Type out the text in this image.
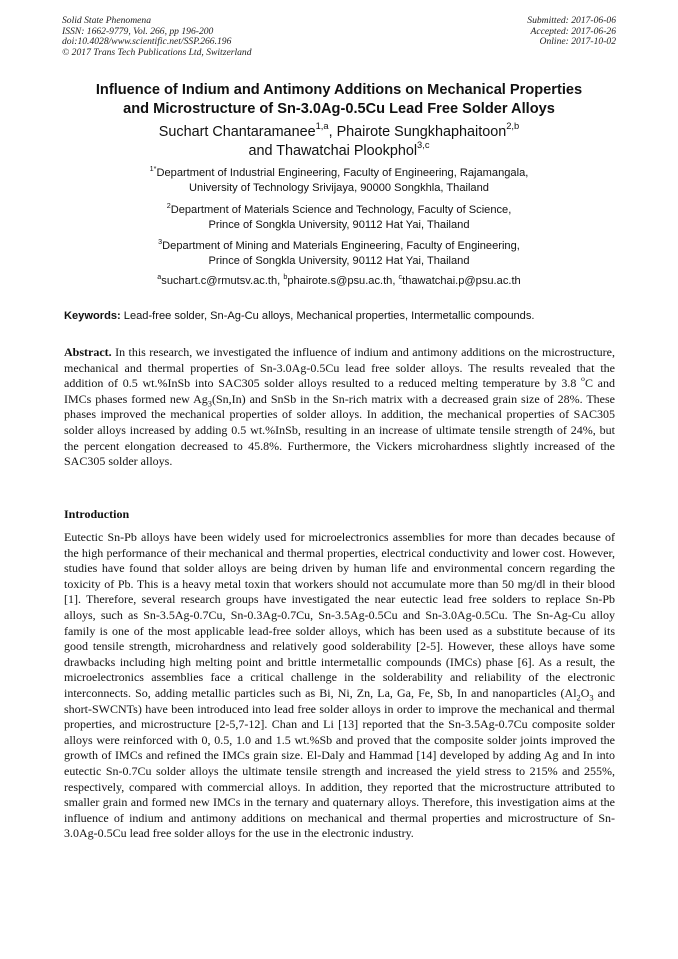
Solid State Phenomena
ISSN: 1662-9779, Vol. 266, pp 196-200
doi:10.4028/www.scientific.net/SSP.266.196
© 2017 Trans Tech Publications Ltd, Switzerland
Submitted: 2017-06-06
Accepted: 2017-06-26
Online: 2017-10-02
Influence of Indium and Antimony Additions on Mechanical Properties
and Microstructure of Sn-3.0Ag-0.5Cu Lead Free Solder Alloys
Suchart Chantaramanee$^{1,a}$, Phairote Sungkhaphaitoon$^{2,b}$
and Thawatchai Plookphol$^{3,c}$
$^{1*}$Department of Industrial Engineering, Faculty of Engineering, Rajamangala,
University of Technology Srivijaya, 90000 Songkhla, Thailand
$^2$Department of Materials Science and Technology, Faculty of Science,
Prince of Songkla University, 90112 Hat Yai, Thailand
$^3$Department of Mining and Materials Engineering, Faculty of Engineering,
Prince of Songkla University, 90112 Hat Yai, Thailand
$^a$suchart.c@rmutsv.ac.th, $^b$phairote.s@psu.ac.th, $^c$thawatchai.p@psu.ac.th
Keywords: Lead-free solder, Sn-Ag-Cu alloys, Mechanical properties, Intermetallic compounds.
Abstract. In this research, we investigated the influence of indium and antimony additions on the microstructure, mechanical and thermal properties of Sn-3.0Ag-0.5Cu lead free solder alloys. The results revealed that the addition of 0.5 wt.%InSb into SAC305 solder alloys resulted to a reduced melting temperature by 3.8 $^o$C and IMCs phases formed new $Ag_3(Sn,In)$ and SnSb in the Sn-rich matrix with a decreased grain size of 28%. These phases improved the mechanical properties of solder alloys. In addition, the mechanical properties of SAC305 solder alloys increased by adding 0.5 wt.%InSb, resulting in an increase of ultimate tensile strength of 24%, but the percent elongation decreased to 45.8%. Furthermore, the Vickers microhardness slightly increased of the SAC305 solder alloys.
Introduction

Eutectic Sn-Pb alloys have been widely used for microelectronics assemblies for more than decades because of the high performance of their mechanical and thermal properties, electrical conductivity and lower cost. However, studies have found that solder alloys are being driven by human life and environmental concern regarding the toxicity of Pb. This is a heavy metal toxin that workers should not accumulate more than 50 mg/dl in their blood [1]. Therefore, several research groups have investigated the near eutectic lead free solders to replace Sn-Pb alloys, such as Sn-3.5Ag-0.7Cu, Sn-0.3Ag-0.7Cu, Sn-3.5Ag-0.5Cu and Sn-3.0Ag-0.5Cu. The Sn-Ag-Cu alloy family is one of the most applicable lead-free solder alloys, which has been used as a substitute because of its good tensile strength, microhardness and relatively good solderability [2-5]. However, these alloys have some drawbacks including high melting point and brittle intermetallic compounds (IMCs) phase [6]. As a result, the microelectronics assemblies face a critical challenge in the solderability and reliability of the electronic interconnects. So, adding metallic particles such as Bi, Ni, Zn, La, Ga, Fe, Sb, In and nanoparticles ($Al_2O_3$ and short-SWCNTs) have been introduced into lead free solder alloys in order to improve the mechanical and thermal properties, and microstructure [2-5,7-12]. Chan and Li [13] reported that the Sn-3.5Ag-0.7Cu composite solder alloys were reinforced with 0, 0.5, 1.0 and 1.5 wt.%Sb and proved that the composite solder joints improved the growth of IMCs and refined the IMCs grain size. El-Daly and Hammad [14] developed by adding Ag and In into eutectic Sn-0.7Cu solder alloys the ultimate tensile strength and increased the yield stress to 215% and 255%, respectively, compared with commercial alloys. In addition, they reported that the microstructure attributed to smaller grain and formed new IMCs in the ternary and quaternary alloys. Therefore, this investigation aims at the influence of indium and antimony additions on mechanical and thermal properties and microstructure of Sn-3.0Ag-0.5Cu lead free solder alloys for the use in the electronic industry.
